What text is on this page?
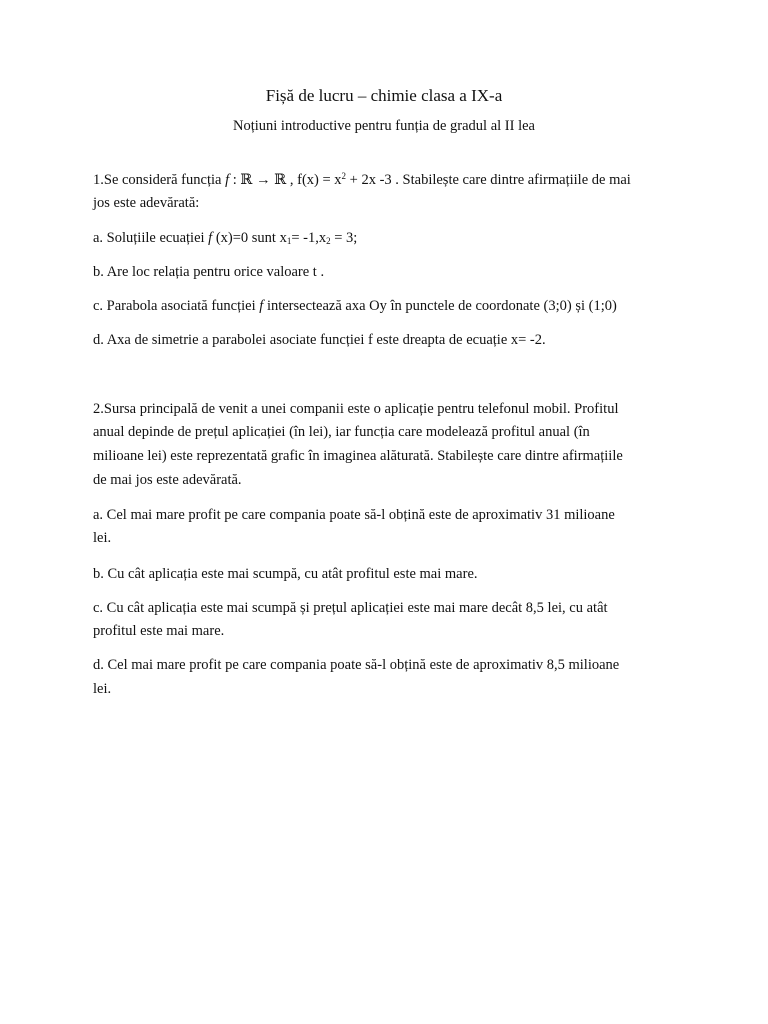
Fișă de lucru – chimie clasa a IX-a
Noțiuni introductive pentru funția de gradul al II lea
1.Se consideră funcția f : ℝ → ℝ , $f(x) = x^2 + 2x$ -3 . Stabilește care dintre afirmațiile de mai
jos este adevărată:
a. Soluțiile ecuației f (x)=0 sunt $x_1= -1,x_2 = 3$;
b. Are loc relația pentru orice valoare t .
c. Parabola asociată funcției f intersectează axa Oy în punctele de coordonate (3;0) și (1;0)
d. Axa de simetrie a parabolei asociate funcției f este dreapta de ecuație x= -2.
2.Sursa principală de venit a unei companii este o aplicație pentru telefonul mobil. Profitul
anual depinde de prețul aplicației (în lei), iar funcția care modelează profitul anual (în
milioane lei) este reprezentată grafic în imaginea alăturată. Stabilește care dintre afirmațiile
de mai jos este adevărată.
a. Cel mai mare profit pe care compania poate să-l obțină este de aproximativ 31 milioane
lei.
b. Cu cât aplicația este mai scumpă, cu atât profitul este mai mare.
c. Cu cât aplicația este mai scumpă și prețul aplicației este mai mare decât 8,5 lei, cu atât
profitul este mai mare.
d. Cel mai mare profit pe care compania poate să-l obțină este de aproximativ 8,5 milioane
lei.
